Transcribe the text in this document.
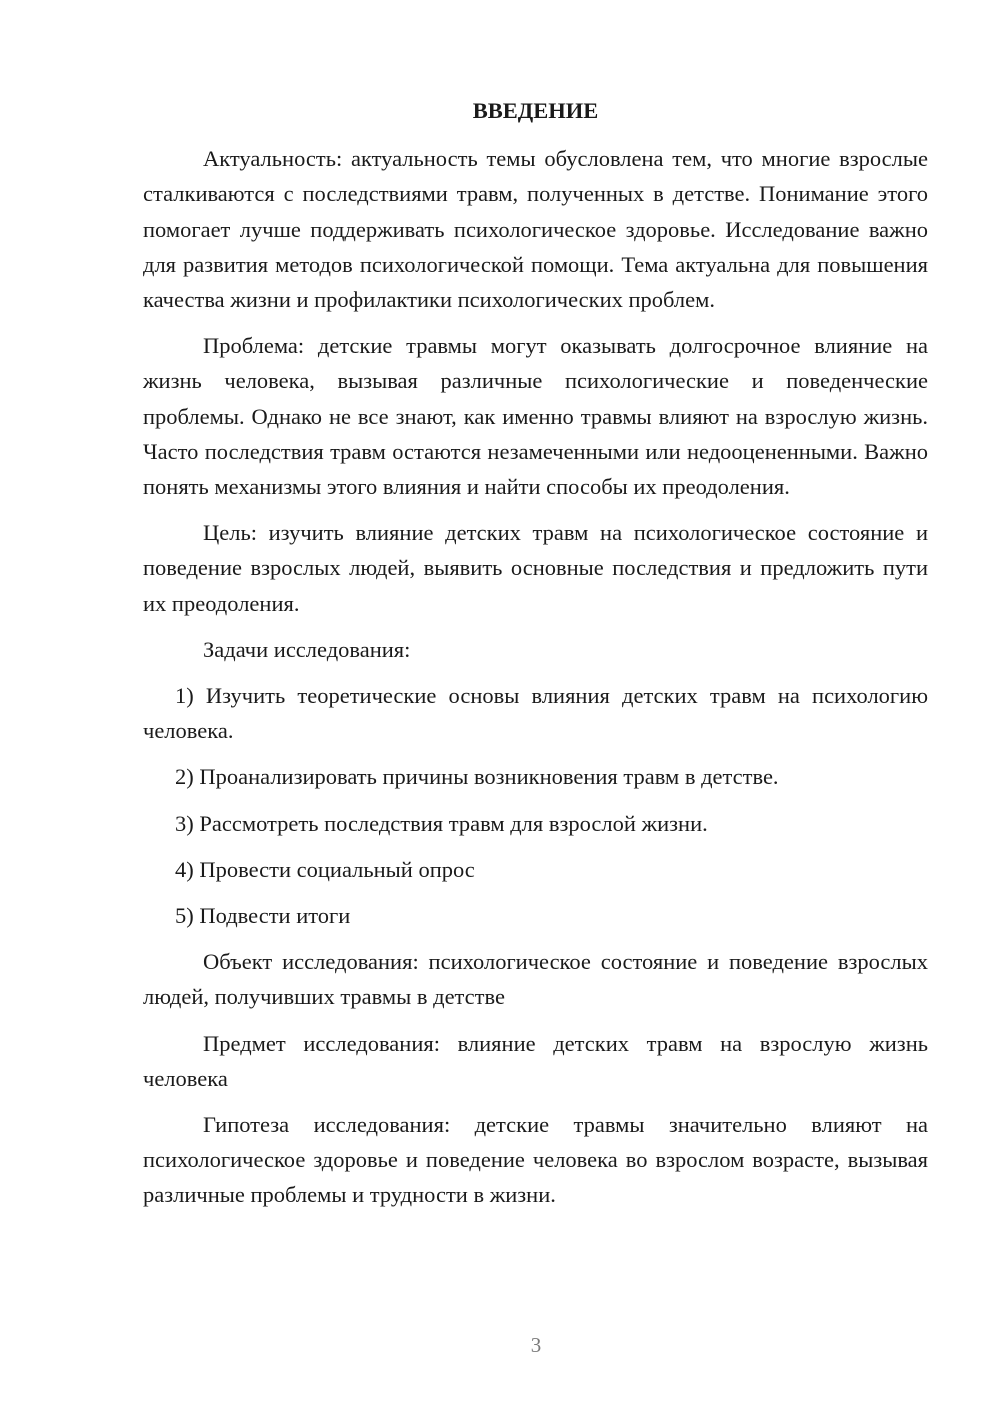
ВВЕДЕНИЕ

Актуальность: актуальность темы обусловлена тем, что многие взрослые сталкиваются с последствиями травм, полученных в детстве. Понимание этого помогает лучше поддерживать психологическое здоровье. Исследование важно для развития методов психологической помощи. Тема актуальна для повышения качества жизни и профилактики психологических проблем.

Проблема: детские травмы могут оказывать долгосрочное влияние на жизнь человека, вызывая различные психологические и поведенческие проблемы. Однако не все знают, как именно травмы влияют на взрослую жизнь. Часто последствия травм остаются незамеченными или недооцененными. Важно понять механизмы этого влияния и найти способы их преодоления.

Цель: изучить влияние детских травм на психологическое состояние и поведение взрослых людей, выявить основные последствия и предложить пути их преодоления.

Задачи исследования:

1) Изучить теоретические основы влияния детских травм на психологию человека.

2) Проанализировать причины возникновения травм в детстве.

3) Рассмотреть последствия травм для взрослой жизни.

4) Провести социальный опрос

5) Подвести итоги

Объект исследования: психологическое состояние и поведение взрослых людей, получивших травмы в детстве

Предмет исследования: влияние детских травм на взрослую жизнь человека

Гипотеза исследования: детские травмы значительно влияют на психологическое здоровье и поведение человека во взрослом возрасте, вызывая различные проблемы и трудности в жизни.

3
